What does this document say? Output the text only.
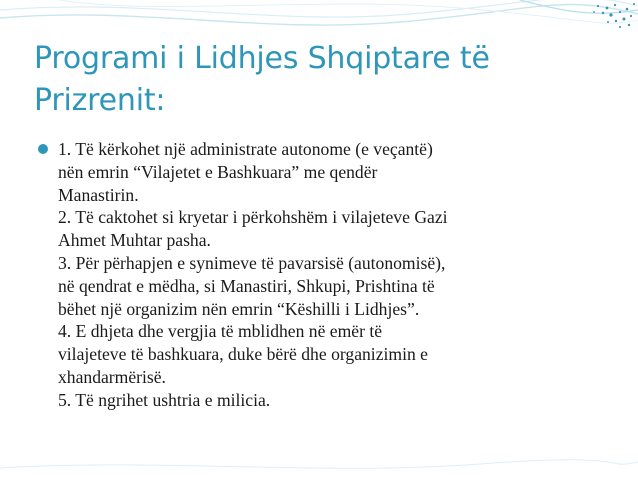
Programi i Lidhjes Shqiptare të
Prizrenit:
1. Të kërkohet një administrate autonome (e veçantë)
nën emrin “Vilajetet e Bashkuara” me qendër
Manastirin.
2. Të caktohet si kryetar i përkohshëm i vilajeteve Gazi
Ahmet Muhtar pasha.
3. Për përhapjen e synimeve të pavarsisë (autonomisë),
në qendrat e mëdha, si Manastiri, Shkupi, Prishtina të
bëhet një organizim nën emrin “Këshilli i Lidhjes”.
4. E dhjeta dhe vergjia të mblidhen në emër të
vilajeteve të bashkuara, duke bërë dhe organizimin e
xhandarmërisë.
5. Të ngrihet ushtria e milicia.
